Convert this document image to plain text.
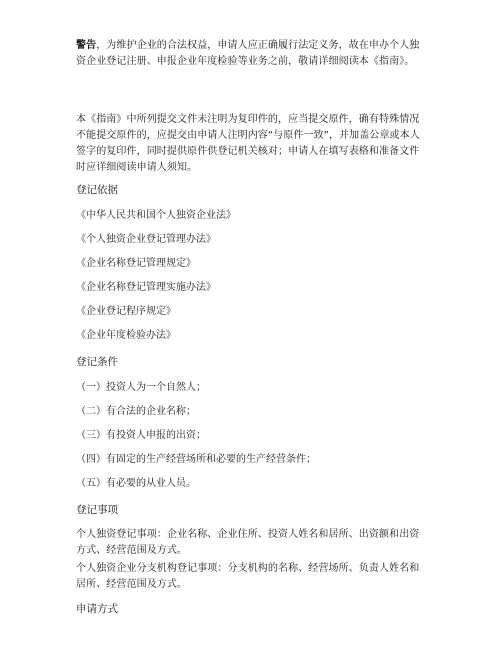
警告，为维护企业的合法权益，申请人应正确履行法定义务，故在申办个人独资企业登记注册、申报企业年度检验等业务之前，敬请详细阅读本《指南》。
本《指南》中所列提交文件未注明为复印件的，应当提交原件，确有特殊情况不能提交原件的，应提交由申请人注明内容“与原件一致”，并加盖公章或本人签字的复印件，同时提供原件供登记机关核对；申请人在填写表格和准备文件时应详细阅读申请人须知。
登记依据
《中华人民共和国个人独资企业法》
《个人独资企业登记管理办法》
《企业名称登记管理规定》
《企业名称登记管理实施办法》
《企业登记程序规定》
《企业年度检验办法》
登记条件
（一）投资人为一个自然人；
（二）有合法的企业名称；
（三）有投资人申报的出资；
（四）有固定的生产经营场所和必要的生产经营条件；
（五）有必要的从业人员。
登记事项
个人独资登记事项：企业名称、企业住所、投资人姓名和居所、出资额和出资方式、经营范围及方式。
个人独资企业分支机构登记事项：分支机构的名称、经营场所、负责人姓名和居所、经营范围及方式。
申请方式
